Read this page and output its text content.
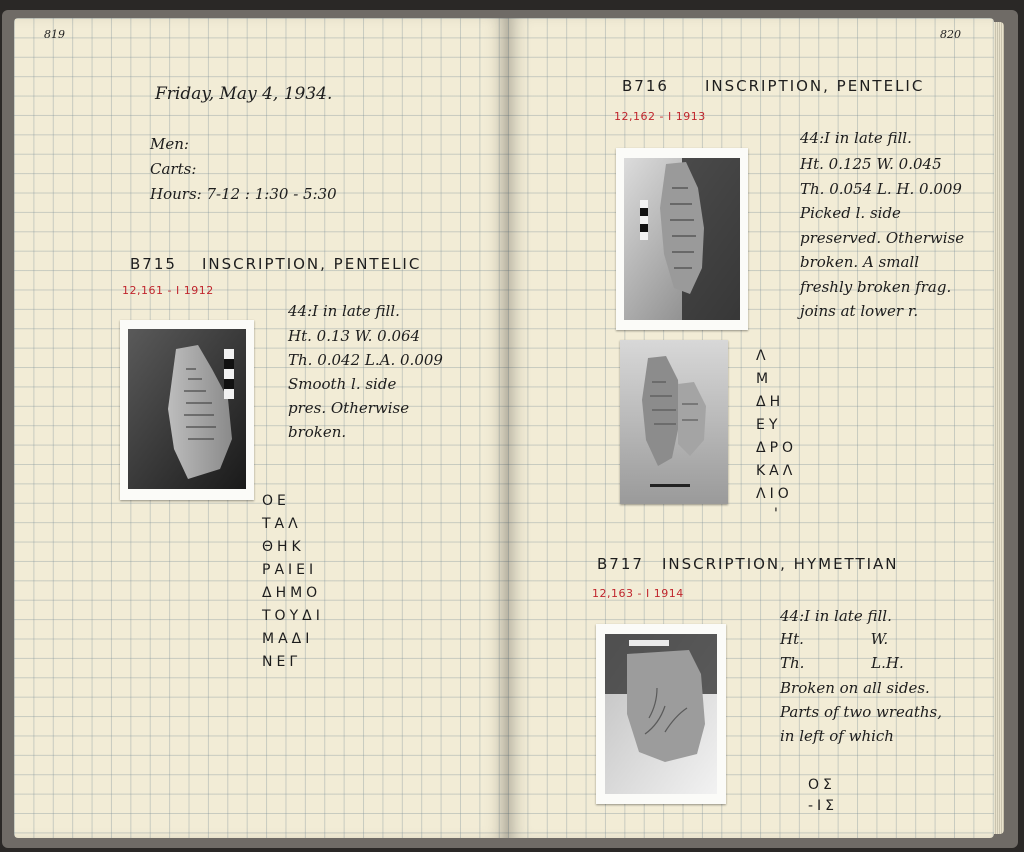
819
Friday, May 4, 1934.
Men:
Carts:
Hours: 7-12 : 1:30 - 5:30
B715 INSCRIPTION, PENTELIC
12,161 - I 1912
44:I in late fill.
Ht. 0.13 W. 0.064
Th. 0.042 L.A. 0.009
Smooth l. side
pres. Otherwise
broken.
ΟΕ
ΤΑΛ
ΘΗΚ
ΡΑΙΕΙ
ΔΗΜΟ
ΤΟΥΔΙ
ΜΑΔΙ
ΝΕΓ
820
B716 INSCRIPTION, PENTELIC
12,162 - I 1913
44:I in late fill.
Ht. 0.125 W. 0.045
Th. 0.054 L. H. 0.009
Picked l. side
preserved. Otherwise
broken. A small
freshly broken frag.
joins at lower r.
Λ
Μ
ΔΗ
ΕΥ
ΔΡΟ
ΚΑΛ
ΛΙΟ
'
B717 INSCRIPTION, HYMETTIAN
12,163 - I 1914
44:I in late fill.
Ht.              W.
Th.              L.H.
Broken on all sides.
Parts of two wreaths,
in left of which
ΟΣ
-ΙΣ
